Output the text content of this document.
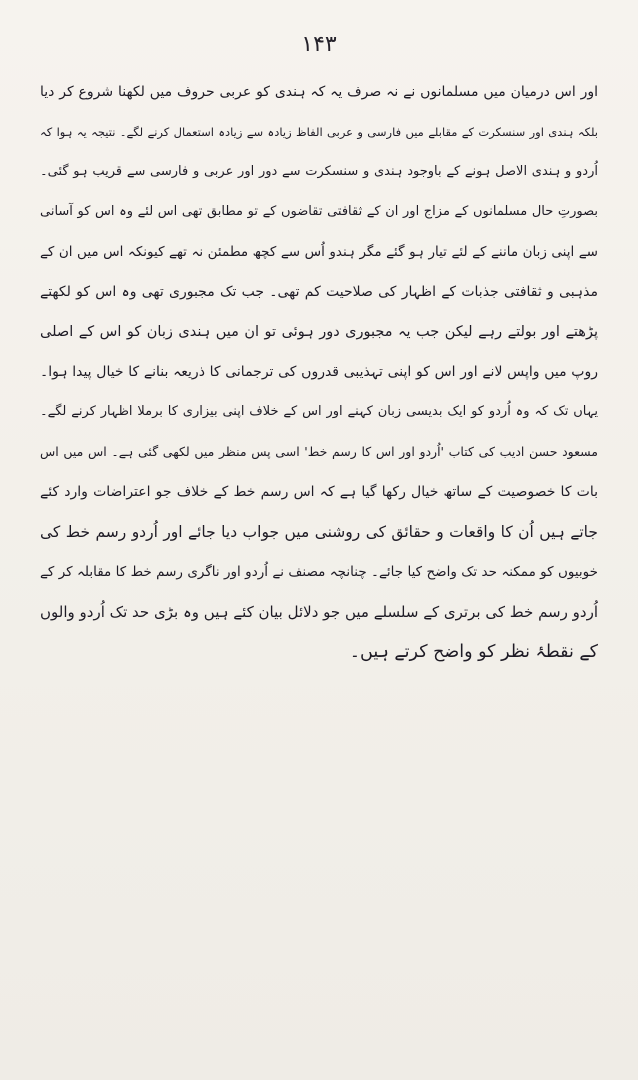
۱۴۳
اور اس درمیان میں مسلمانوں نے نہ صرف یہ کہ ہندی کو عربی حروف میں لکھنا شروع کر دیا
بلکہ ہندی اور سنسکرت کے مقابلے میں فارسی و عربی الفاظ زیادہ سے زیادہ استعمال کرنے لگے۔ نتیجہ یہ ہوا کہ
اُردو و ہندی الاصل ہونے کے باوجود ہندی و سنسکرت سے دور اور عربی و فارسی سے قریب ہو گئی۔
بصورتِ حال مسلمانوں کے مزاج اور ان کے ثقافتی تقاضوں کے تو مطابق تھی اس لئے وہ اس کو آسانی
سے اپنی زبان ماننے کے لئے تیار ہو گئے مگر ہندو اُس سے کچھ مطمئن نہ تھے کیونکہ اس میں ان کے
مذہبی و ثقافتی جذبات کے اظہار کی صلاحیت کم تھی۔ جب تک مجبوری تھی وہ اس کو لکھتے
پڑھتے اور بولتے رہے لیکن جب یہ مجبوری دور ہوئی تو ان میں ہندی زبان کو اس کے اصلی
روپ میں واپس لانے اور اس کو اپنی تہذیبی قدروں کی ترجمانی کا ذریعہ بنانے کا خیال پیدا ہوا۔
یہاں تک کہ وہ اُردو کو ایک بدیسی زبان کہنے اور اس کے خلاف اپنی بیزاری کا برملا اظہار کرنے لگے۔
مسعود حسن ادیب کی کتاب 'اُردو اور اس کا رسم خط' اسی پس منظر میں لکھی گئی ہے۔ اس میں اس
بات کا خصوصیت کے ساتھ خیال رکھا گیا ہے کہ اس رسم خط کے خلاف جو اعتراضات وارد کئے
جاتے ہیں اُن کا واقعات و حقائق کی روشنی میں جواب دیا جائے اور اُردو رسم خط کی
خوبیوں کو ممکنہ حد تک واضح کیا جائے۔ چنانچہ مصنف نے اُردو اور ناگری رسم خط کا مقابلہ کر کے
اُردو رسم خط کی برتری کے سلسلے میں جو دلائل بیان کئے ہیں وہ بڑی حد تک اُردو والوں
کے نقطۂ نظر کو واضح کرتے ہیں۔
